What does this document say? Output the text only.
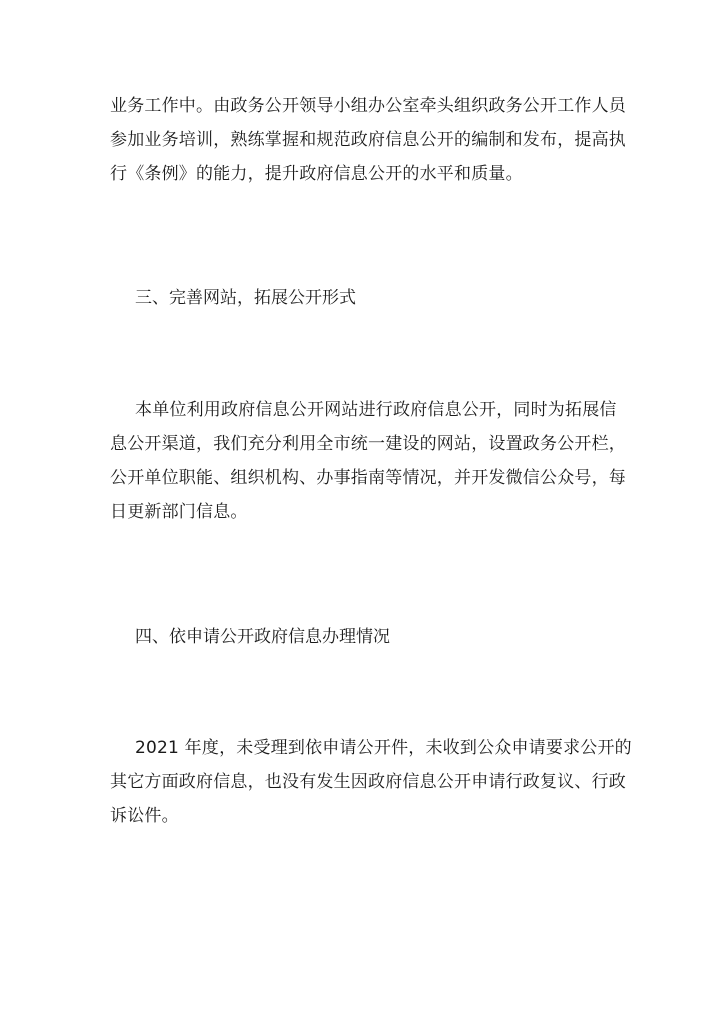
业务工作中。由政务公开领导小组办公室牵头组织政务公开工作人员
参加业务培训，熟练掌握和规范政府信息公开的编制和发布，提高执
行《条例》的能力，提升政府信息公开的水平和质量。
三、完善网站，拓展公开形式
本单位利用政府信息公开网站进行政府信息公开，同时为拓展信
息公开渠道，我们充分利用全市统一建设的网站，设置政务公开栏，
公开单位职能、组织机构、办事指南等情况，并开发微信公众号，每
日更新部门信息。
四、依申请公开政府信息办理情况
2021 年度，未受理到依申请公开件，未收到公众申请要求公开的
其它方面政府信息，也没有发生因政府信息公开申请行政复议、行政
诉讼件。
